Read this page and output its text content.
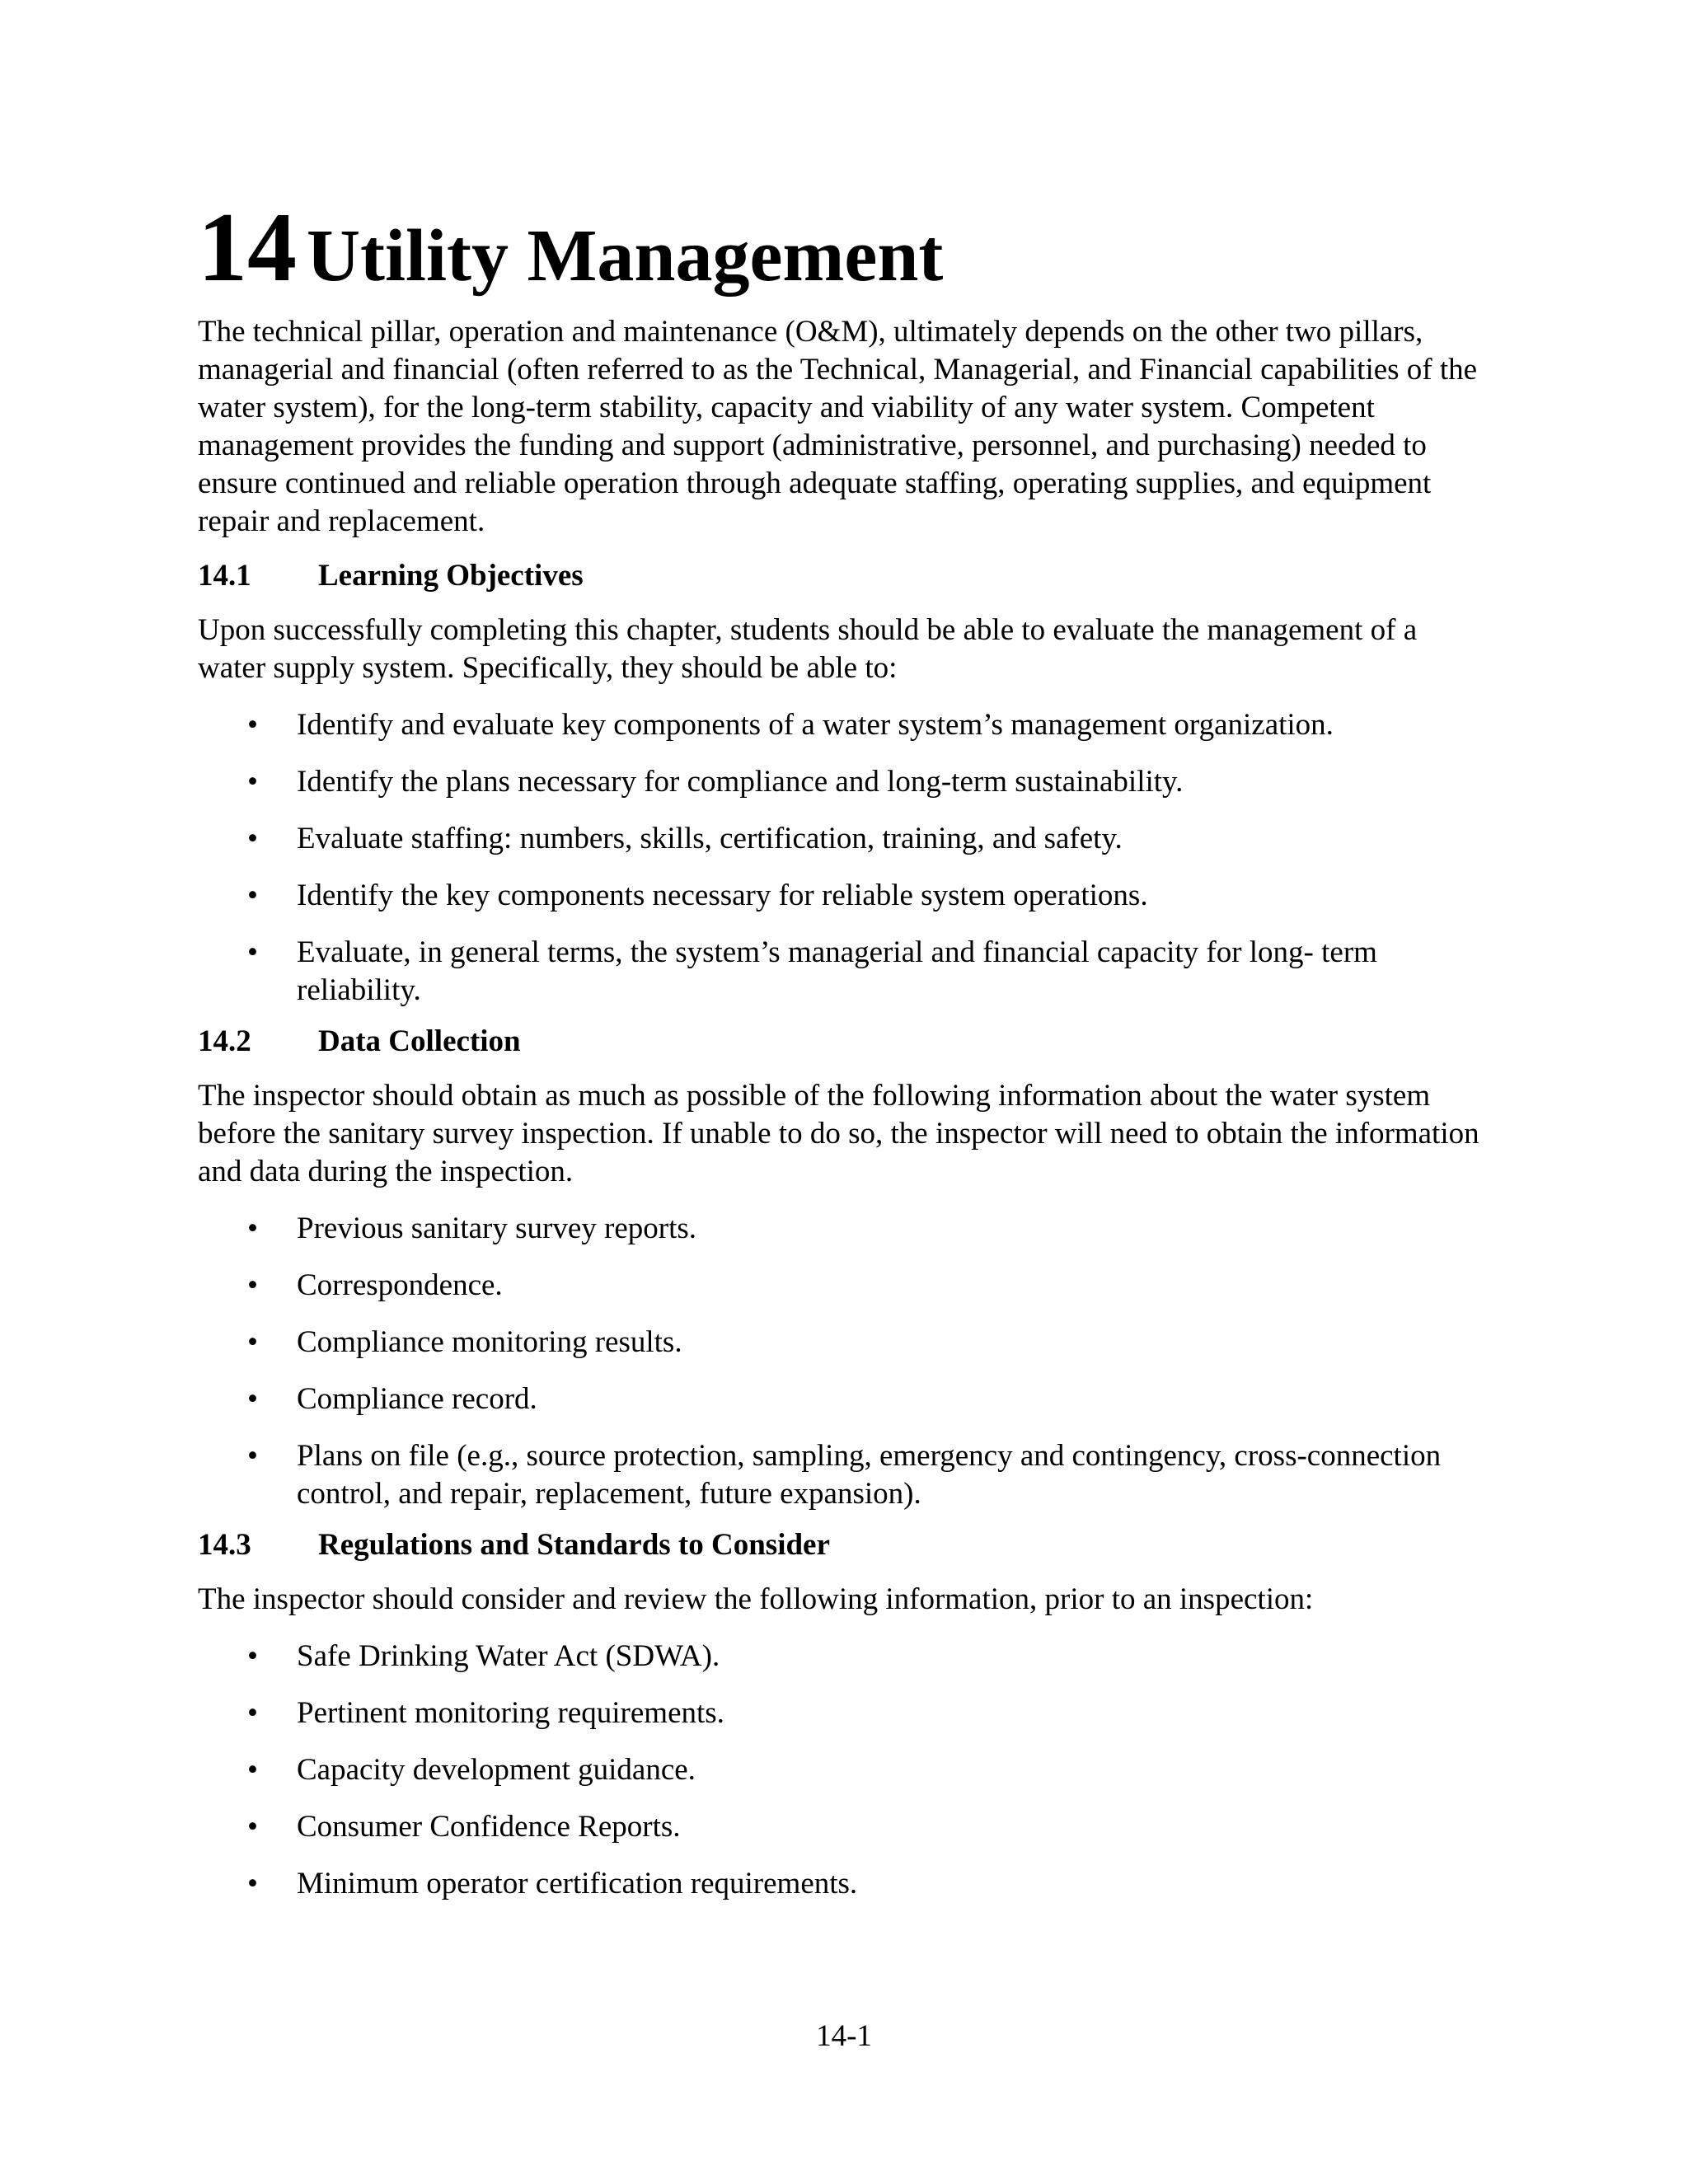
14 Utility Management

The technical pillar, operation and maintenance (O&M), ultimately depends on the other two pillars, managerial and financial (often referred to as the Technical, Managerial, and Financial capabilities of the water system), for the long-term stability, capacity and viability of any water system. Competent management provides the funding and support (administrative, personnel, and purchasing) needed to ensure continued and reliable operation through adequate staffing, operating supplies, and equipment repair and replacement.

14.1 Learning Objectives

Upon successfully completing this chapter, students should be able to evaluate the management of a water supply system. Specifically, they should be able to:

• Identify and evaluate key components of a water system’s management organization.
• Identify the plans necessary for compliance and long-term sustainability.
• Evaluate staffing: numbers, skills, certification, training, and safety.
• Identify the key components necessary for reliable system operations.
• Evaluate, in general terms, the system’s managerial and financial capacity for long- term reliability.
14.2 Data Collection

The inspector should obtain as much as possible of the following information about the water system before the sanitary survey inspection. If unable to do so, the inspector will need to obtain the information and data during the inspection.

• Previous sanitary survey reports.
• Correspondence.
• Compliance monitoring results.
• Compliance record.
• Plans on file (e.g., source protection, sampling, emergency and contingency, cross-connection control, and repair, replacement, future expansion).
14.3 Regulations and Standards to Consider

The inspector should consider and review the following information, prior to an inspection:

• Safe Drinking Water Act (SDWA).
• Pertinent monitoring requirements.
• Capacity development guidance.
• Consumer Confidence Reports.
• Minimum operator certification requirements.
14-1
